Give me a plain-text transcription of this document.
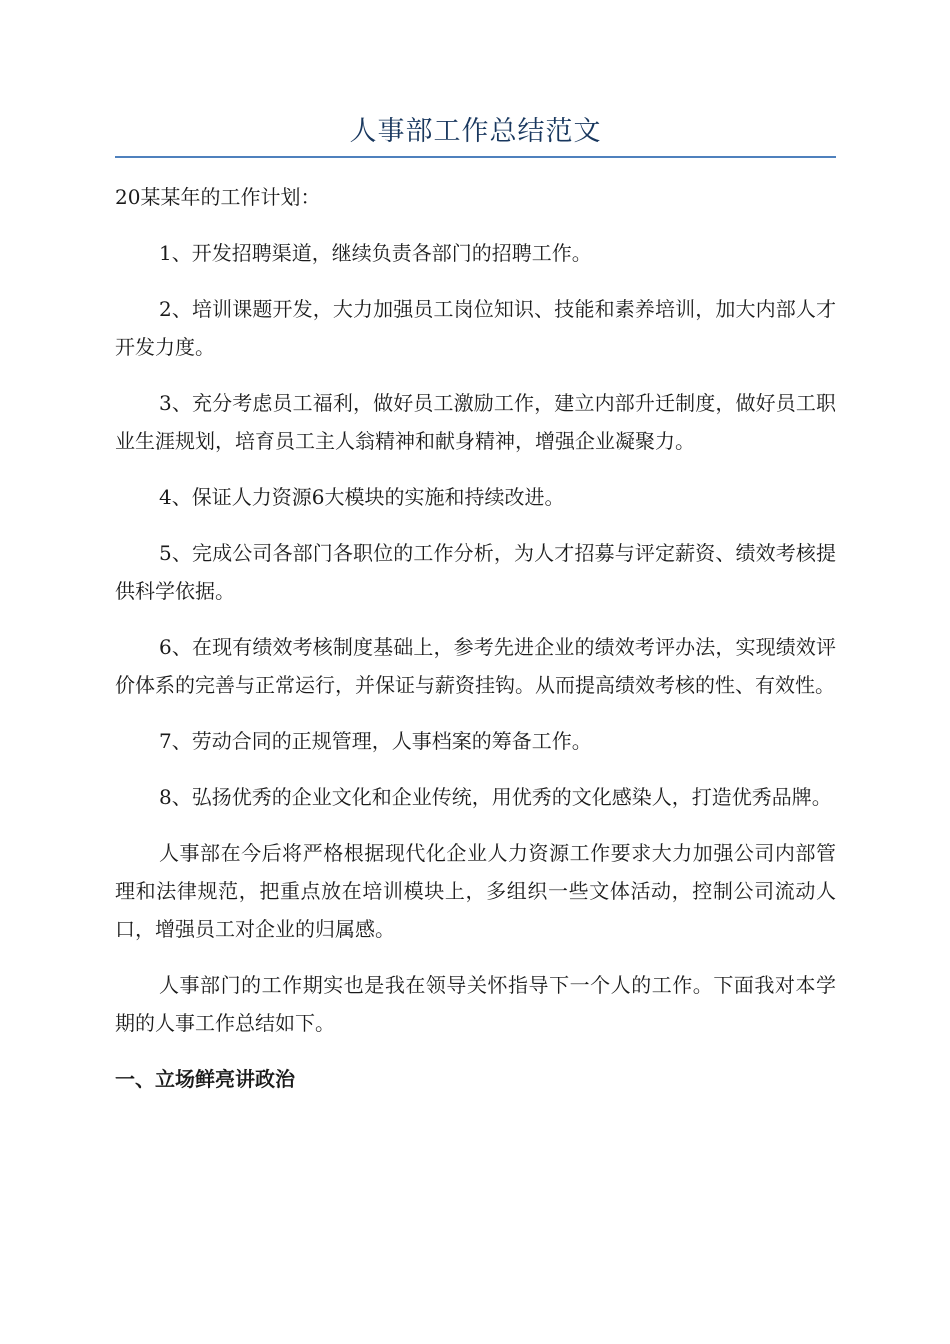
人事部工作总结范文

20某某年的工作计划：

1、开发招聘渠道，继续负责各部门的招聘工作。

2、培训课题开发，大力加强员工岗位知识、技能和素养培训，加大内部人才开发力度。

3、充分考虑员工福利，做好员工激励工作，建立内部升迁制度，做好员工职业生涯规划，培育员工主人翁精神和献身精神，增强企业凝聚力。

4、保证人力资源6大模块的实施和持续改进。

5、完成公司各部门各职位的工作分析，为人才招募与评定薪资、绩效考核提供科学依据。

6、在现有绩效考核制度基础上，参考先进企业的绩效考评办法，实现绩效评价体系的完善与正常运行，并保证与薪资挂钩。从而提高绩效考核的性、有效性。

7、劳动合同的正规管理，人事档案的筹备工作。

8、弘扬优秀的企业文化和企业传统，用优秀的文化感染人，打造优秀品牌。

人事部在今后将严格根据现代化企业人力资源工作要求大力加强公司内部管理和法律规范，把重点放在培训模块上，多组织一些文体活动，控制公司流动人口，增强员工对企业的归属感。

人事部门的工作期实也是我在领导关怀指导下一个人的工作。下面我对本学期的人事工作总结如下。

一、立场鲜亮讲政治
